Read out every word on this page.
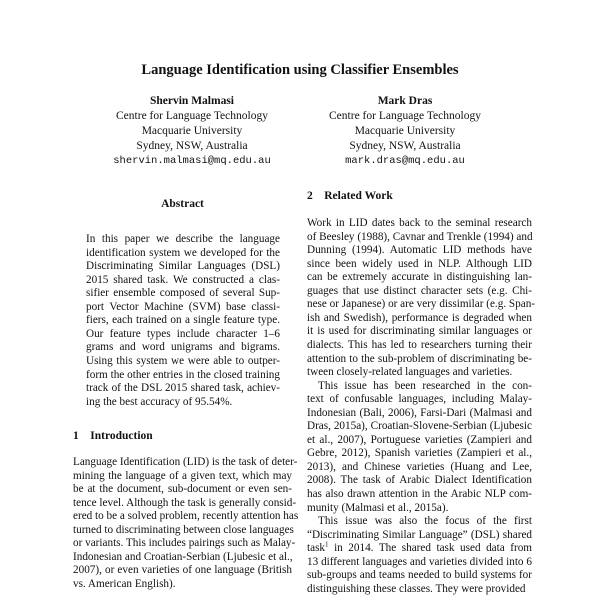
Language Identification using Classifier Ensembles
Shervin Malmasi
Centre for Language Technology
Macquarie University
Sydney, NSW, Australia
shervin.malmasi@mq.edu.au
Mark Dras
Centre for Language Technology
Macquarie University
Sydney, NSW, Australia
mark.dras@mq.edu.au
Abstract
1    Introduction
2    Related Work
In this paper we describe the language
identification system we developed for the
Discriminating Similar Languages (DSL)
2015 shared task. We constructed a clas-
sifier ensemble composed of several Sup-
port Vector Machine (SVM) base classi-
fiers, each trained on a single feature type.
Our feature types include character 1–6
grams and word unigrams and bigrams.
Using this system we were able to outper-
form the other entries in the closed training
track of the DSL 2015 shared task, achiev-
ing the best accuracy of 95.54%.
Language Identification (LID) is the task of deter-
mining the language of a given text, which may
be at the document, sub-document or even sen-
tence level. Although the task is generally consid-
ered to be a solved problem, recently attention has
turned to discriminating between close languages
or variants. This includes pairings such as Malay-
Indonesian and Croatian-Serbian (Ljubesic et al.,
2007), or even varieties of one language (British
vs. American English).
Work in LID dates back to the seminal research
of Beesley (1988), Cavnar and Trenkle (1994) and
Dunning (1994). Automatic LID methods have
since been widely used in NLP. Although LID
can be extremely accurate in distinguishing lan-
guages that use distinct character sets (e.g. Chi-
nese or Japanese) or are very dissimilar (e.g. Span-
ish and Swedish), performance is degraded when
it is used for discriminating similar languages or
dialects. This has led to researchers turning their
attention to the sub-problem of discriminating be-
tween closely-related languages and varieties.
This issue has been researched in the con-
text of confusable languages, including Malay-
Indonesian (Bali, 2006), Farsi-Dari (Malmasi and
Dras, 2015a), Croatian-Slovene-Serbian (Ljubesic
et al., 2007), Portuguese varieties (Zampieri and
Gebre, 2012), Spanish varieties (Zampieri et al.,
2013), and Chinese varieties (Huang and Lee,
2008). The task of Arabic Dialect Identification
has also drawn attention in the Arabic NLP com-
munity (Malmasi et al., 2015a).
This issue was also the focus of the first
“Discriminating Similar Language” (DSL) shared
task$^1$ in 2014. The shared task used data from
13 different languages and varieties divided into 6
sub-groups and teams needed to build systems for
distinguishing these classes. They were provided
